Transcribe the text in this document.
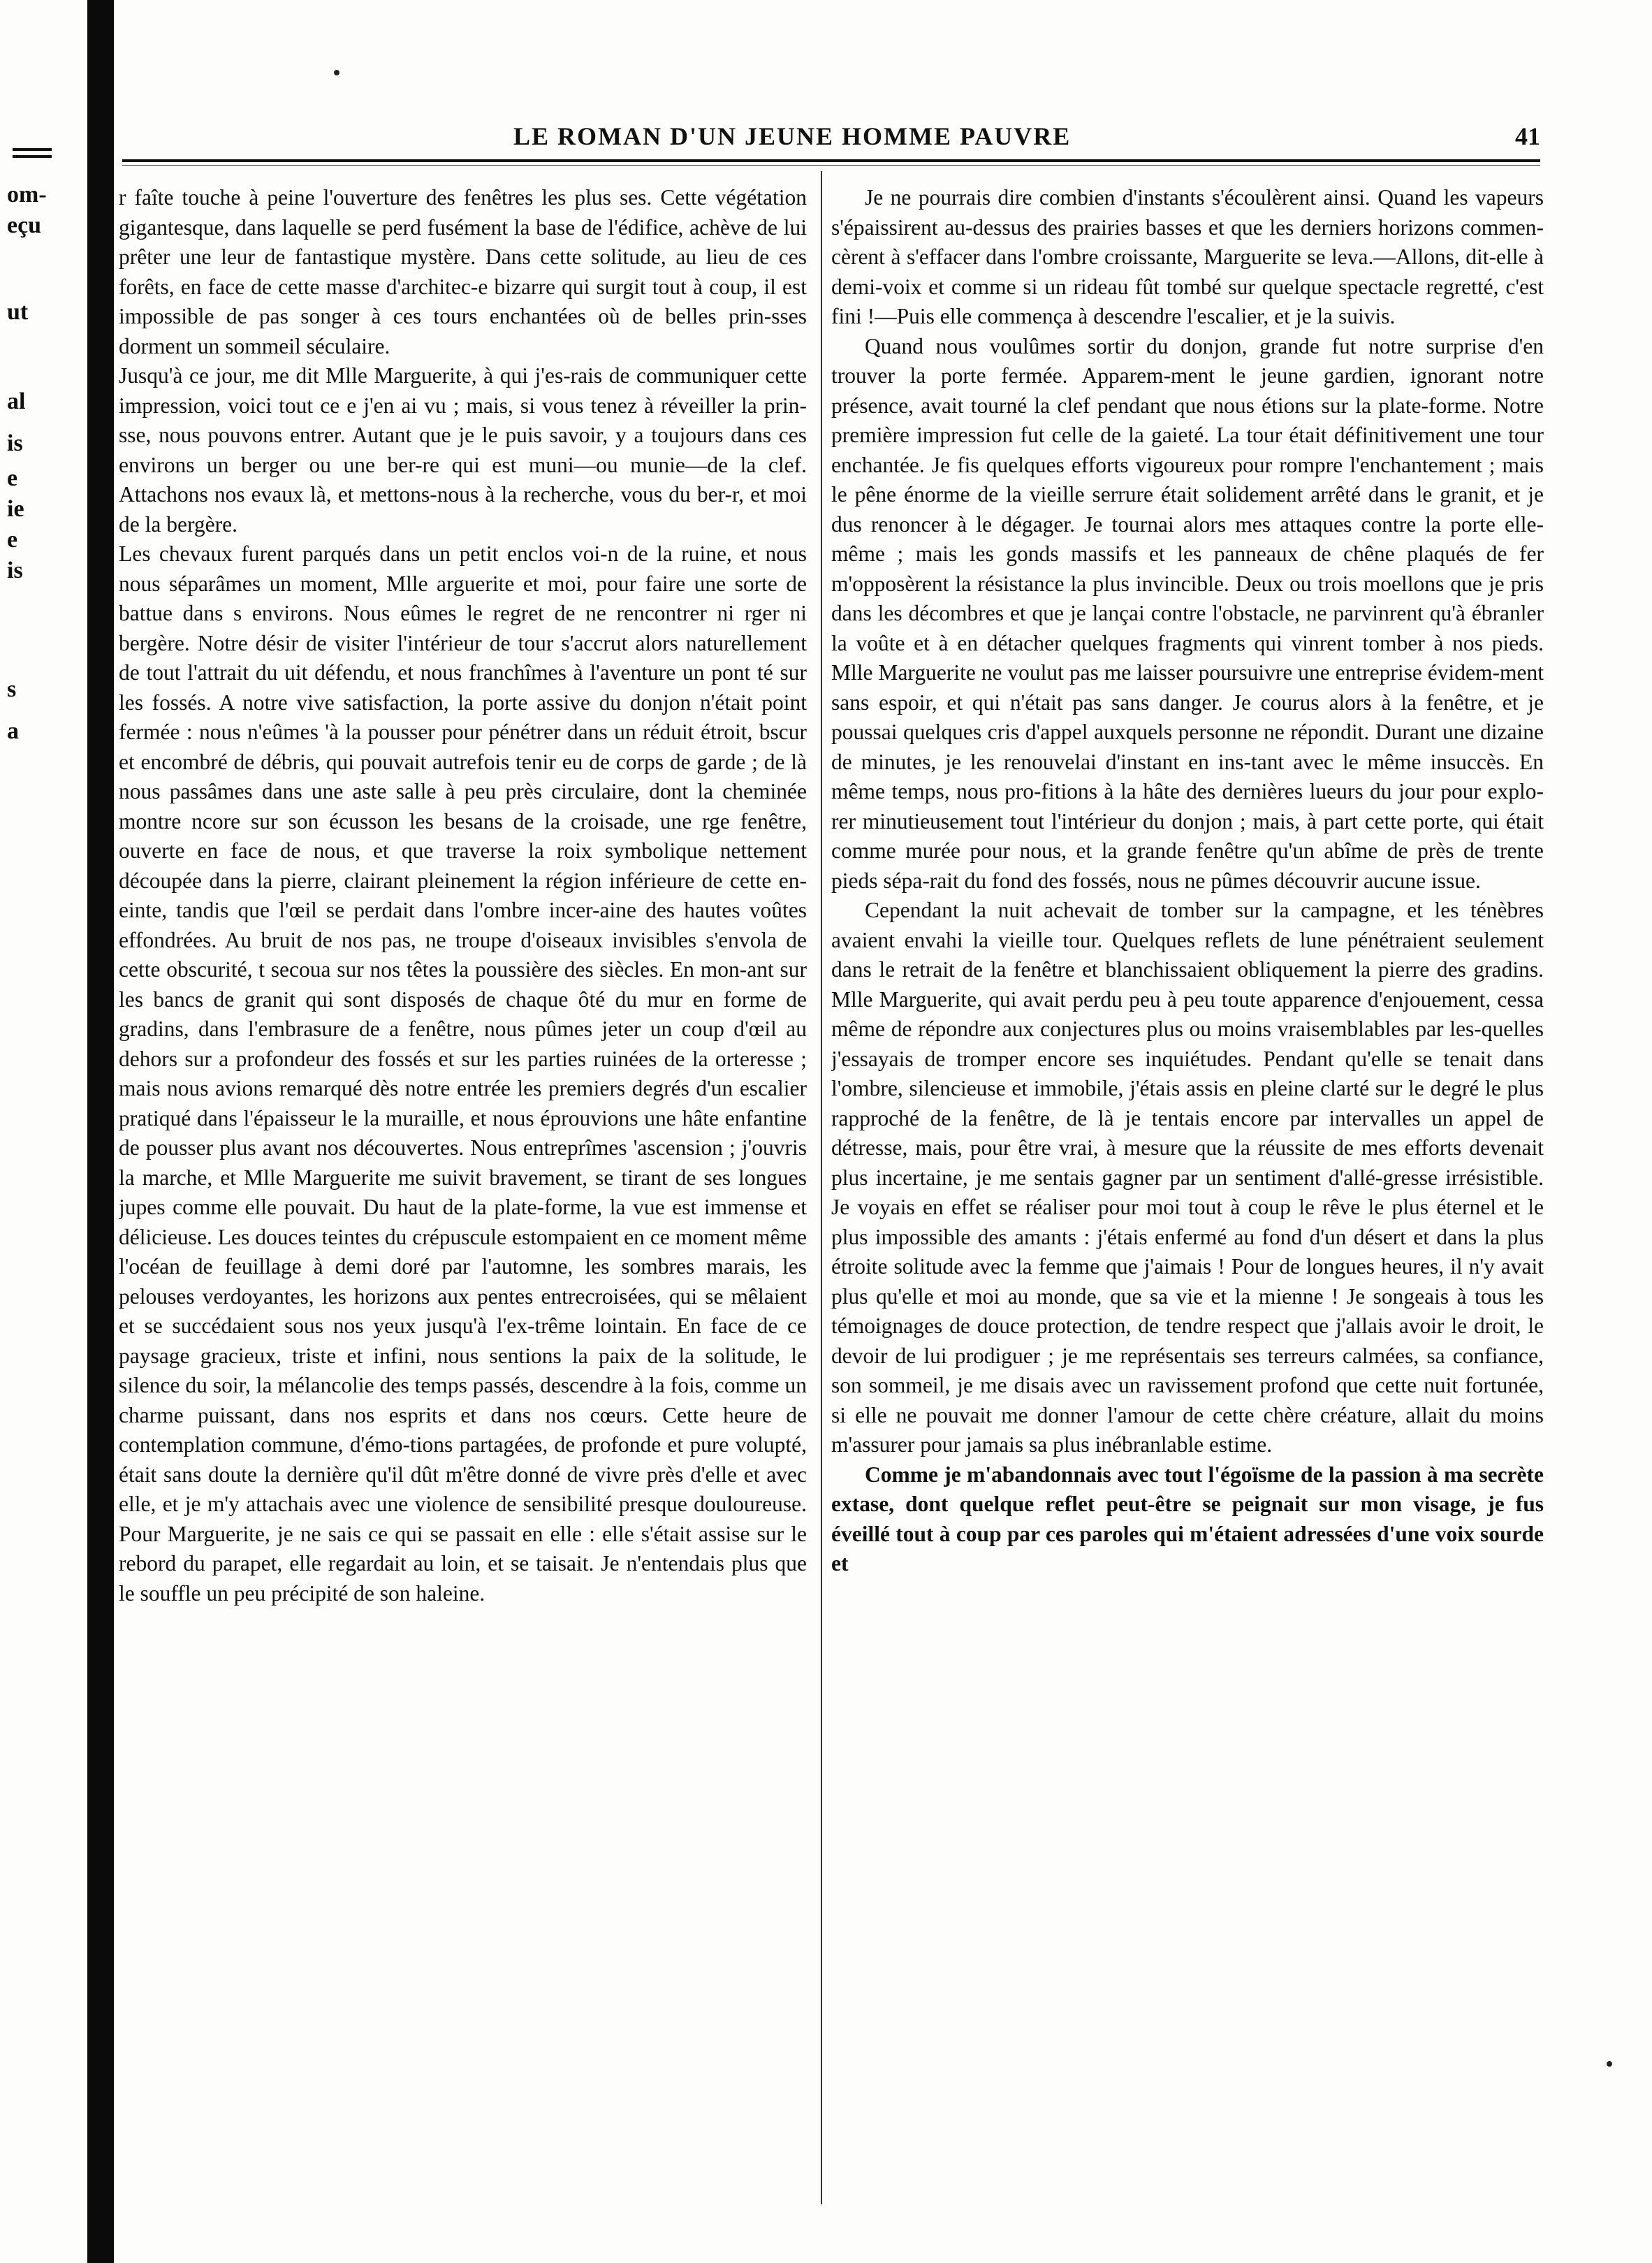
om-
eçu
ut
al
is
e
ie
e
is
s
a
LE ROMAN D'UN JEUNE HOMME PAUVRE	41

r faîte touche à peine l'ouverture des fenêtres les plus ses. Cette végétation gigantesque, dans laquelle se perd fusément la base de l'édifice, achève de lui prêter une leur de fantastique mystère. Dans cette solitude, au lieu de ces forêts, en face de cette masse d'architec-e bizarre qui surgit tout à coup, il est impossible de pas songer à ces tours enchantées où de belles prin-sses dorment un sommeil séculaire.

Jusqu'à ce jour, me dit Mlle Marguerite, à qui j'es-rais de communiquer cette impression, voici tout ce e j'en ai vu ; mais, si vous tenez à réveiller la prin-sse, nous pouvons entrer. Autant que je le puis savoir, y a toujours dans ces environs un berger ou une ber-re qui est muni—ou munie—de la clef. Attachons nos evaux là, et mettons-nous à la recherche, vous du ber-r, et moi de la bergère.

Les chevaux furent parqués dans un petit enclos voi-n de la ruine, et nous nous séparâmes un moment, Mlle arguerite et moi, pour faire une sorte de battue dans s environs. Nous eûmes le regret de ne rencontrer ni rger ni bergère. Notre désir de visiter l'intérieur de tour s'accrut alors naturellement de tout l'attrait du uit défendu, et nous franchîmes à l'aventure un pont té sur les fossés. A notre vive satisfaction, la porte assive du donjon n'était point fermée : nous n'eûmes 'à la pousser pour pénétrer dans un réduit étroit, bscur et encombré de débris, qui pouvait autrefois tenir eu de corps de garde ; de là nous passâmes dans une aste salle à peu près circulaire, dont la cheminée montre ncore sur son écusson les besans de la croisade, une rge fenêtre, ouverte en face de nous, et que traverse la roix symbolique nettement découpée dans la pierre, clairant pleinement la région inférieure de cette en-einte, tandis que l'œil se perdait dans l'ombre incer-aine des hautes voûtes effondrées. Au bruit de nos pas, ne troupe d'oiseaux invisibles s'envola de cette obscurité, t secoua sur nos têtes la poussière des siècles. En mon-ant sur les bancs de granit qui sont disposés de chaque ôté du mur en forme de gradins, dans l'embrasure de a fenêtre, nous pûmes jeter un coup d'œil au dehors sur a profondeur des fossés et sur les parties ruinées de la orteresse ; mais nous avions remarqué dès notre entrée les premiers degrés d'un escalier pratiqué dans l'épaisseur le la muraille, et nous éprouvions une hâte enfantine de pousser plus avant nos découvertes. Nous entreprîmes 'ascension ; j'ouvris la marche, et Mlle Marguerite me suivit bravement, se tirant de ses longues jupes comme elle pouvait. Du haut de la plate-forme, la vue est immense et délicieuse. Les douces teintes du crépuscule estompaient en ce moment même l'océan de feuillage à demi doré par l'automne, les sombres marais, les pelouses verdoyantes, les horizons aux pentes entrecroisées, qui se mêlaient et se succédaient sous nos yeux jusqu'à l'ex-trême lointain. En face de ce paysage gracieux, triste et infini, nous sentions la paix de la solitude, le silence du soir, la mélancolie des temps passés, descendre à la fois, comme un charme puissant, dans nos esprits et dans nos cœurs. Cette heure de contemplation commune, d'émo-tions partagées, de profonde et pure volupté, était sans doute la dernière qu'il dût m'être donné de vivre près d'elle et avec elle, et je m'y attachais avec une violence de sensibilité presque douloureuse. Pour Marguerite, je ne sais ce qui se passait en elle : elle s'était assise sur le rebord du parapet, elle regardait au loin, et se taisait. Je n'entendais plus que le souffle un peu précipité de son haleine.

Je ne pourrais dire combien d'instants s'écoulèrent ainsi. Quand les vapeurs s'épaissirent au-dessus des prairies basses et que les derniers horizons commen-cèrent à s'effacer dans l'ombre croissante, Marguerite se leva.—Allons, dit-elle à demi-voix et comme si un rideau fût tombé sur quelque spectacle regretté, c'est fini !—Puis elle commença à descendre l'escalier, et je la suivis.

Quand nous voulûmes sortir du donjon, grande fut notre surprise d'en trouver la porte fermée. Apparem-ment le jeune gardien, ignorant notre présence, avait tourné la clef pendant que nous étions sur la plate-forme. Notre première impression fut celle de la gaieté. La tour était définitivement une tour enchantée. Je fis quelques efforts vigoureux pour rompre l'enchantement ; mais le pêne énorme de la vieille serrure était solidement arrêté dans le granit, et je dus renoncer à le dégager. Je tournai alors mes attaques contre la porte elle-même ; mais les gonds massifs et les panneaux de chêne plaqués de fer m'opposèrent la résistance la plus invincible. Deux ou trois moellons que je pris dans les décombres et que je lançai contre l'obstacle, ne parvinrent qu'à ébranler la voûte et à en détacher quelques fragments qui vinrent tomber à nos pieds. Mlle Marguerite ne voulut pas me laisser poursuivre une entreprise évidem-ment sans espoir, et qui n'était pas sans danger. Je courus alors à la fenêtre, et je poussai quelques cris d'appel auxquels personne ne répondit. Durant une dizaine de minutes, je les renouvelai d'instant en ins-tant avec le même insuccès. En même temps, nous pro-fitions à la hâte des dernières lueurs du jour pour explo-rer minutieusement tout l'intérieur du donjon ; mais, à part cette porte, qui était comme murée pour nous, et la grande fenêtre qu'un abîme de près de trente pieds sépa-rait du fond des fossés, nous ne pûmes découvrir aucune issue.

Cependant la nuit achevait de tomber sur la campagne, et les ténèbres avaient envahi la vieille tour. Quelques reflets de lune pénétraient seulement dans le retrait de la fenêtre et blanchissaient obliquement la pierre des gradins. Mlle Marguerite, qui avait perdu peu à peu toute apparence d'enjouement, cessa même de répondre aux conjectures plus ou moins vraisemblables par les-quelles j'essayais de tromper encore ses inquiétudes. Pendant qu'elle se tenait dans l'ombre, silencieuse et immobile, j'étais assis en pleine clarté sur le degré le plus rapproché de la fenêtre, de là je tentais encore par intervalles un appel de détresse, mais, pour être vrai, à mesure que la réussite de mes efforts devenait plus incertaine, je me sentais gagner par un sentiment d'allé-gresse irrésistible. Je voyais en effet se réaliser pour moi tout à coup le rêve le plus éternel et le plus impossible des amants : j'étais enfermé au fond d'un désert et dans la plus étroite solitude avec la femme que j'aimais ! Pour de longues heures, il n'y avait plus qu'elle et moi au monde, que sa vie et la mienne ! Je songeais à tous les témoignages de douce protection, de tendre respect que j'allais avoir le droit, le devoir de lui prodiguer ; je me représentais ses terreurs calmées, sa confiance, son sommeil, je me disais avec un ravissement profond que cette nuit fortunée, si elle ne pouvait me donner l'amour de cette chère créature, allait du moins m'assurer pour jamais sa plus inébranlable estime.

Comme je m'abandonnais avec tout l'égoïsme de la passion à ma secrète extase, dont quelque reflet peut-être se peignait sur mon visage, je fus éveillé tout à coup par ces paroles qui m'étaient adressées d'une voix sourde et
